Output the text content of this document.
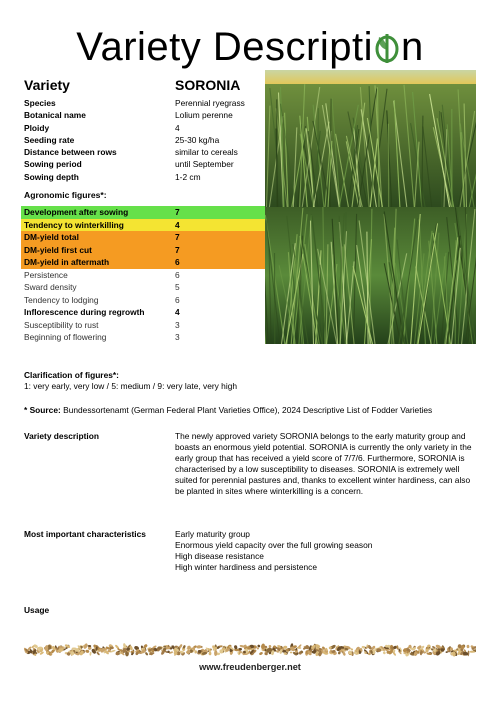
Variety Descripti n
Variety	SORONIA
Species	Perennial ryegrass
Botanical name	Lolium perenne
Ploidy	4
Seeding rate	25-30 kg/ha
Distance between rows	similar to cereals
Sowing period	until September
Sowing depth	1-2 cm
Agronomic figures*:
Development after sowing	7
Tendency to winterkilling	4
DM-yield total	7
DM-yield first cut	7
DM-yield in aftermath	6
Persistence	6
Sward density	5
Tendency to lodging	6
Inflorescence during regrowth	4
Susceptibility to rust	3
Beginning of flowering	3
Clarification of figures*:
1: very early, very low / 5: medium / 9: very late, very high
* Source: Bundessortenamt (German Federal Plant Varieties Office), 2024 Descriptive List of Fodder Varieties
Variety description	The newly approved variety SORONIA belongs to the early maturity group and boasts an enormous yield potential. SORONIA is currently the only variety in the early group that has received a yield score of 7/7/6. Furthermore, SORONIA is characterised by a low susceptibility to diseases. SORONIA is extremely well suited for perennial pastures and, thanks to excellent winter hardiness, can also be planted in sites where winterkilling is a concern.
Most important characteristics	Early maturity group
Enormous yield capacity over the full growing season
High disease resistance
High winter hardiness and persistence
Usage
www.freudenberger.net
